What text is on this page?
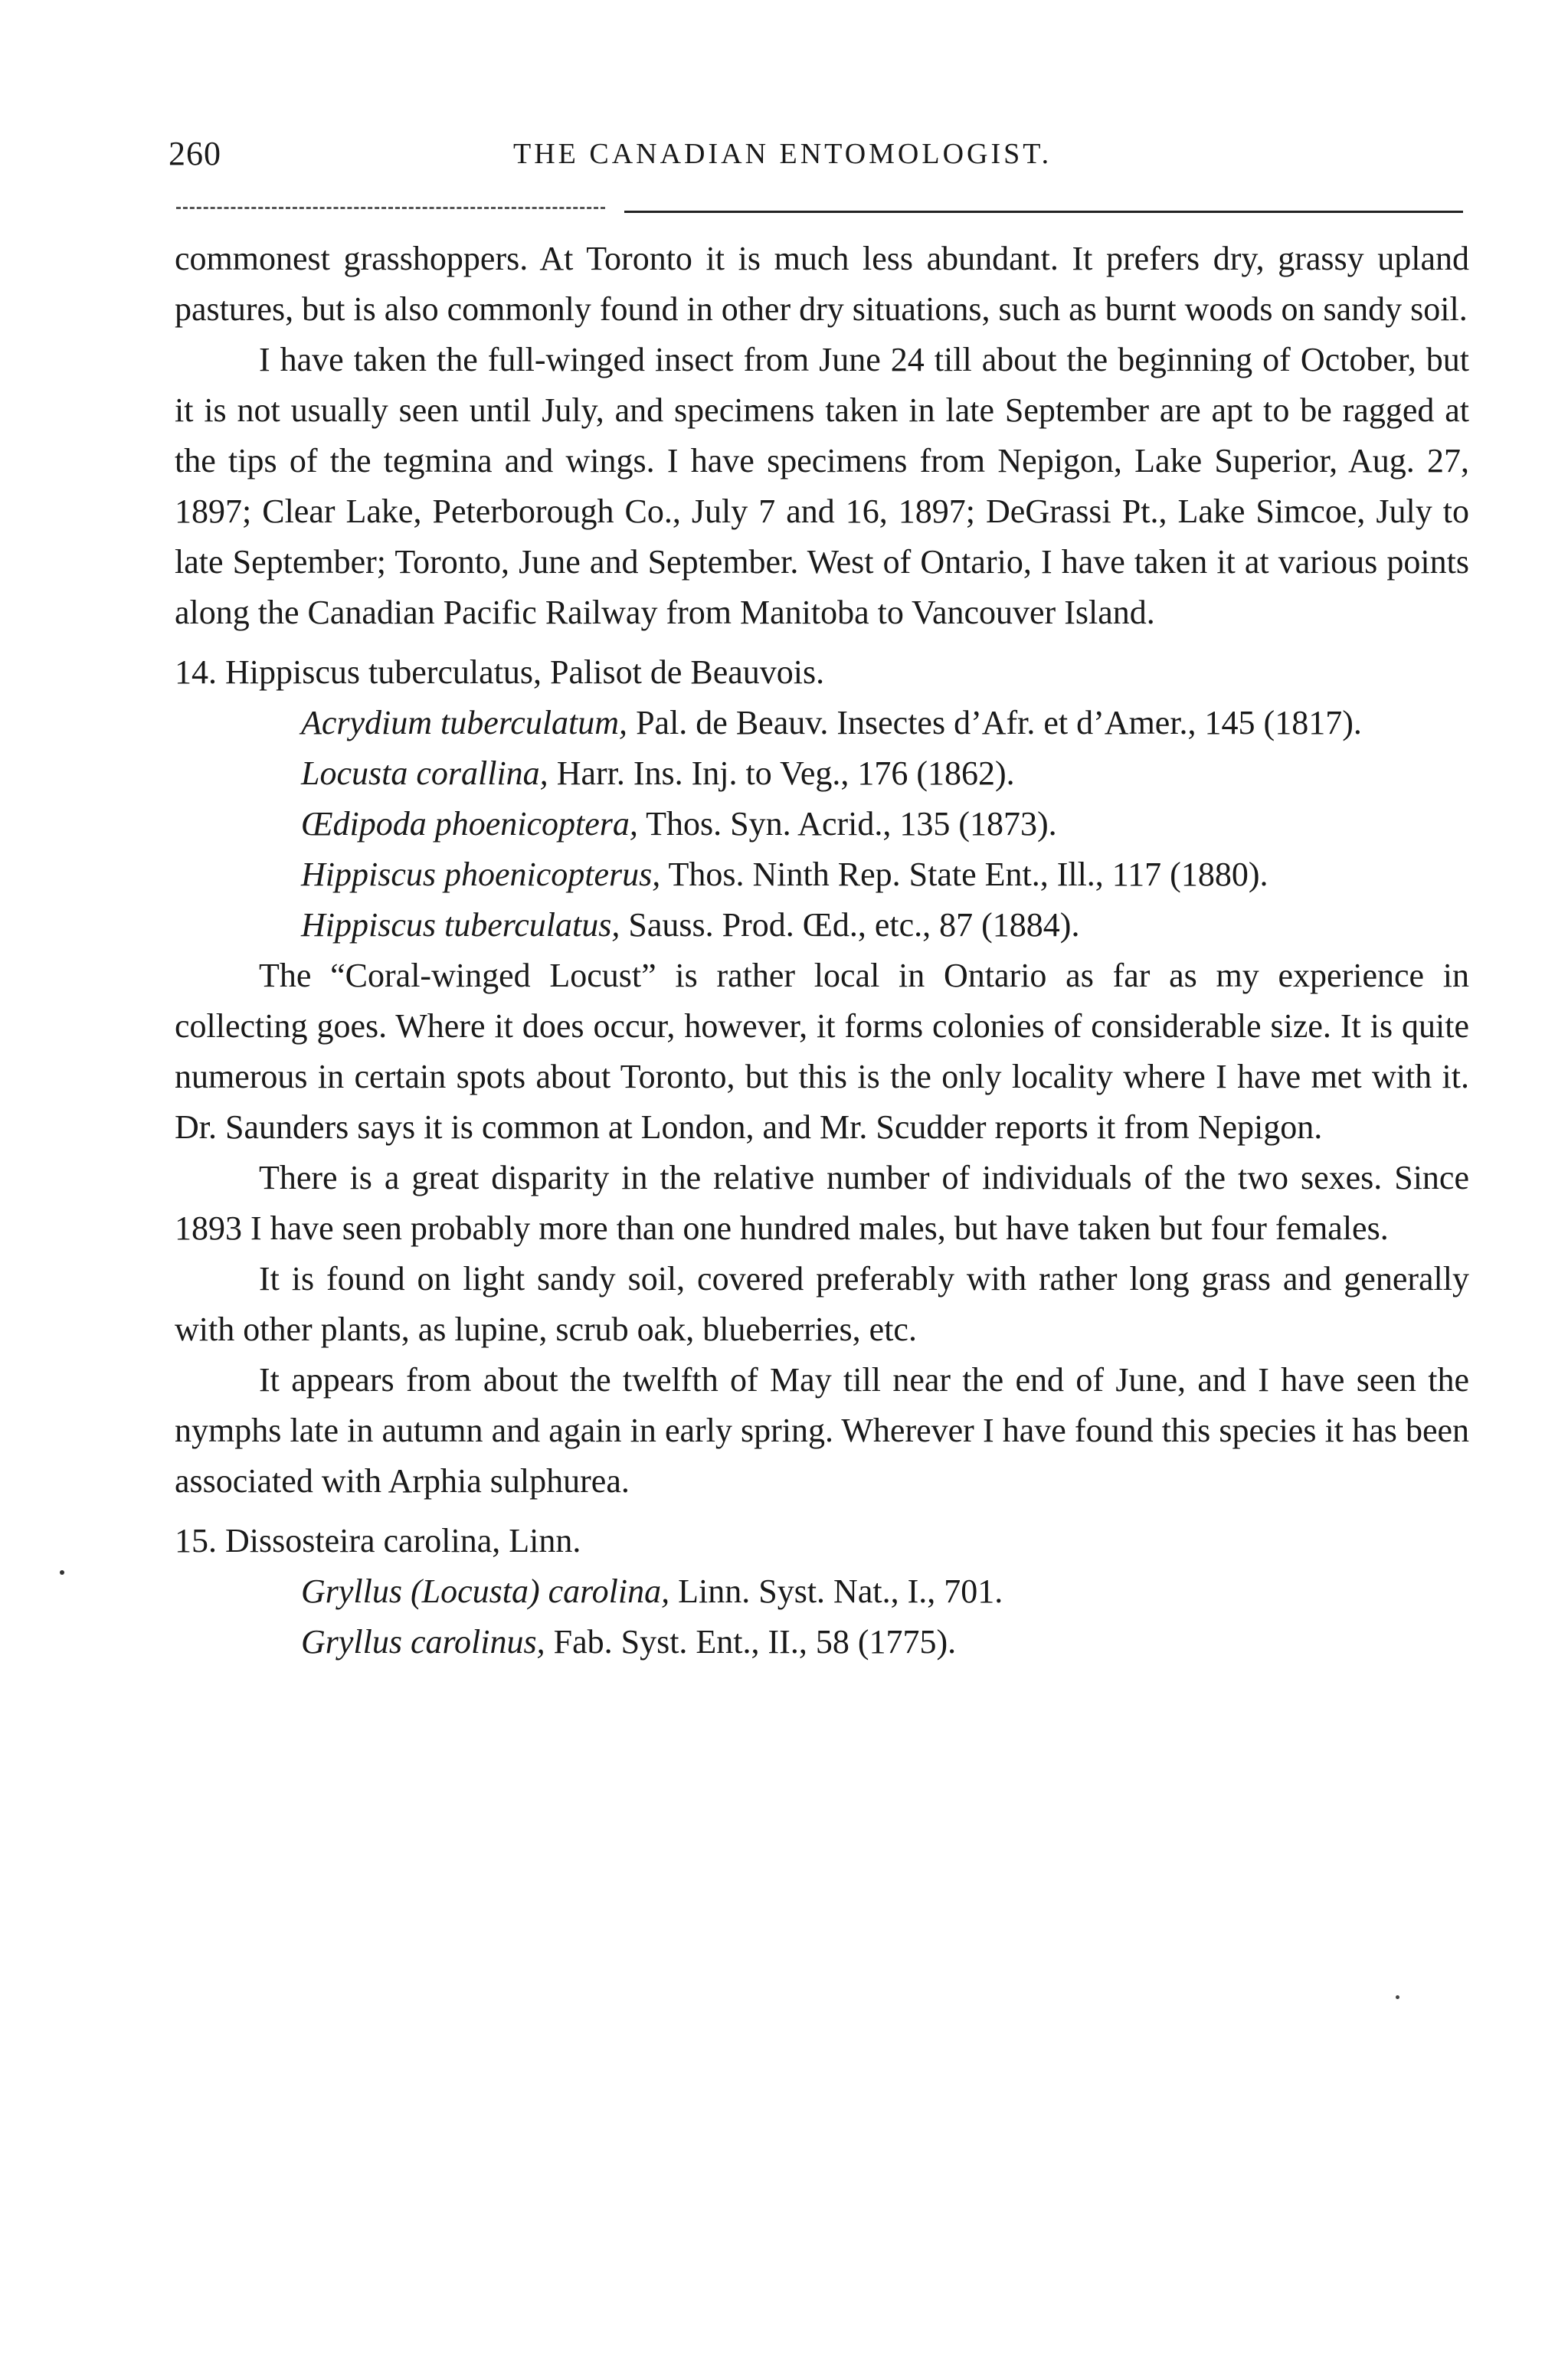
260	THE CANADIAN ENTOMOLOGIST.

commonest grasshoppers. At Toronto it is much less abundant. It prefers dry, grassy upland pastures, but is also commonly found in other dry situations, such as burnt woods on sandy soil.

I have taken the full-winged insect from June 24 till about the beginning of October, but it is not usually seen until July, and specimens taken in late September are apt to be ragged at the tips of the tegmina and wings. I have specimens from Nepigon, Lake Superior, Aug. 27, 1897; Clear Lake, Peterborough Co., July 7 and 16, 1897; DeGrassi Pt., Lake Simcoe, July to late September; Toronto, June and September. West of Ontario, I have taken it at various points along the Canadian Pacific Railway from Manitoba to Vancouver Island.

14. Hippiscus tuberculatus, Palisot de Beauvois.

Acrydium tuberculatum, Pal. de Beauv. Insectes d’Afr. et d’Amer., 145 (1817).

Locusta corallina, Harr. Ins. Inj. to Veg., 176 (1862).

Œdipoda phoenicoptera, Thos. Syn. Acrid., 135 (1873).

Hippiscus phoenicopterus, Thos. Ninth Rep. State Ent., Ill., 117 (1880).

Hippiscus tuberculatus, Sauss. Prod. Œd., etc., 87 (1884).

The “Coral-winged Locust” is rather local in Ontario as far as my experience in collecting goes. Where it does occur, however, it forms colonies of considerable size. It is quite numerous in certain spots about Toronto, but this is the only locality where I have met with it. Dr. Saunders says it is common at London, and Mr. Scudder reports it from Nepigon.

There is a great disparity in the relative number of individuals of the two sexes. Since 1893 I have seen probably more than one hundred males, but have taken but four females.

It is found on light sandy soil, covered preferably with rather long grass and generally with other plants, as lupine, scrub oak, blueberries, etc.

It appears from about the twelfth of May till near the end of June, and I have seen the nymphs late in autumn and again in early spring. Wherever I have found this species it has been associated with Arphia sulphurea.

15. Dissosteira carolina, Linn.

Gryllus (Locusta) carolina, Linn. Syst. Nat., I., 701.

Gryllus carolinus, Fab. Syst. Ent., II., 58 (1775).
